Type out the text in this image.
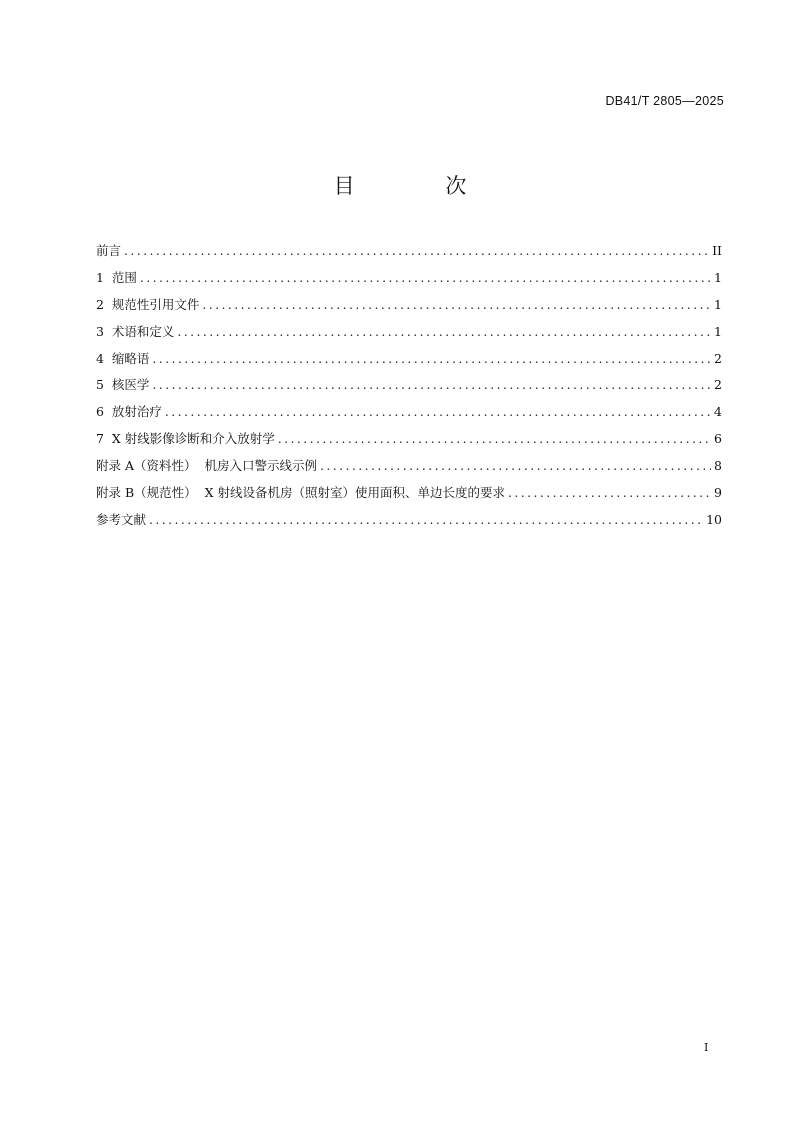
DB41/T 2805—2025
目 次
前言 .....	II
1  范围 .....	1
2  规范性引用文件 .....	1
3  术语和定义 .....	1
4  缩略语 .....	2
5  核医学 .....	2
6  放射治疗 .....	4
7  X 射线影像诊断和介入放射学 .....	6
附录 A（资料性）  机房入口警示线示例 .....	8
附录 B（规范性）  X 射线设备机房（照射室）使用面积、单边长度的要求 .....	9
参考文献 .....	10
I
